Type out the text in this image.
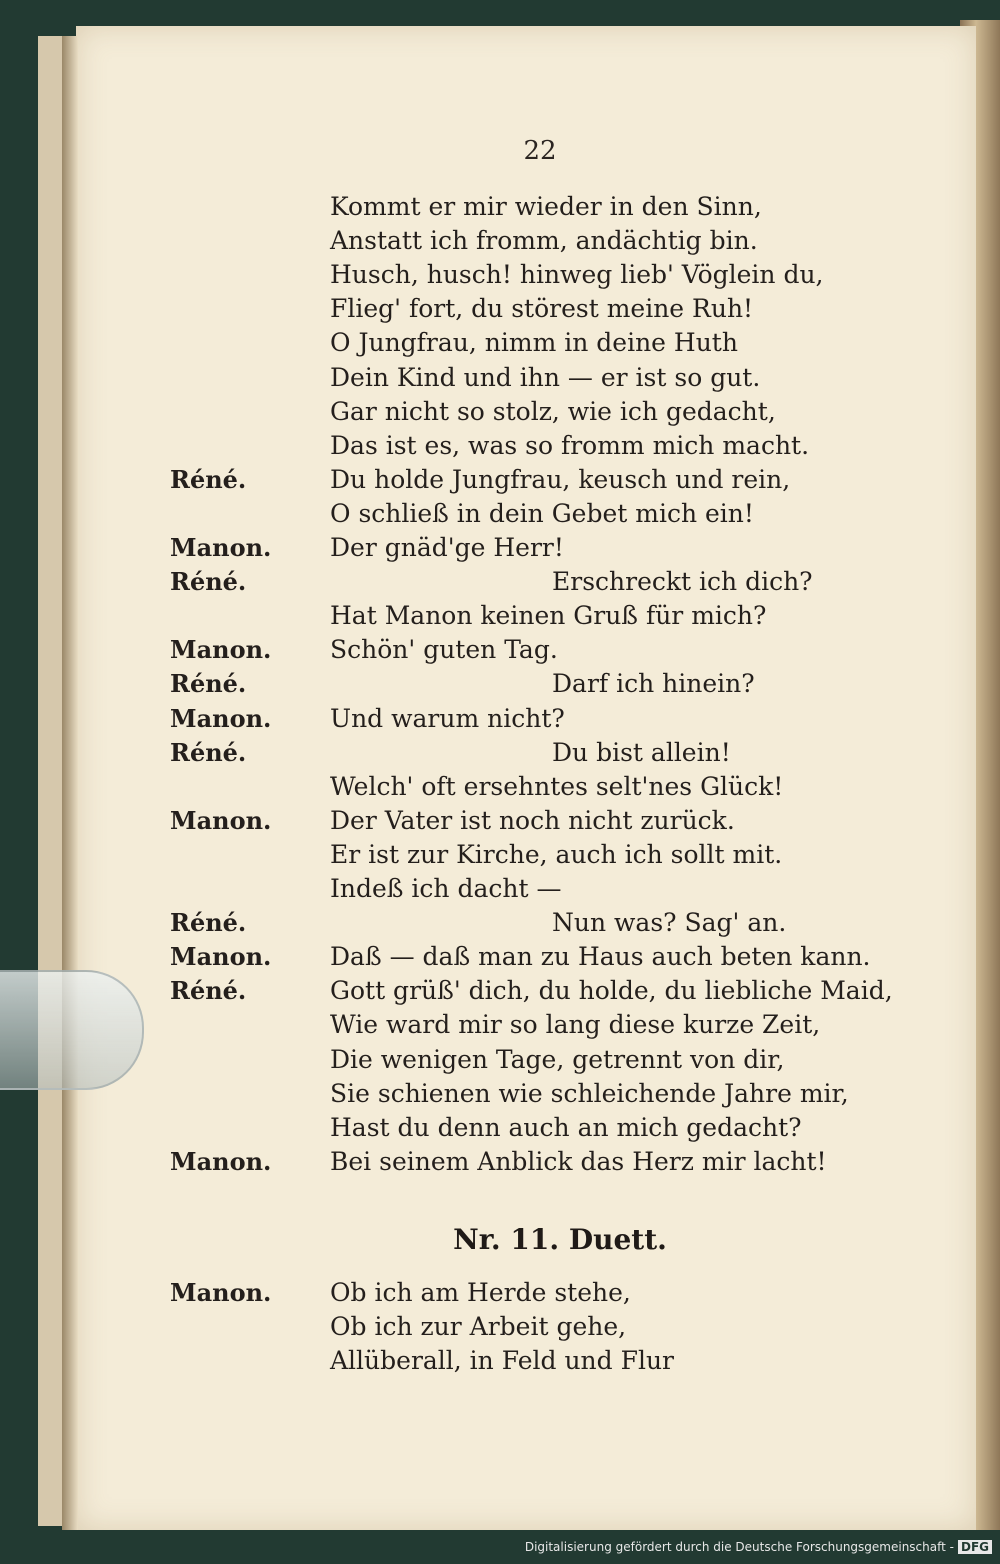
22
Kommt er mir wieder in den Sinn,
Anstatt ich fromm, andächtig bin.
Husch, husch! hinweg lieb' Vöglein du,
Flieg' fort, du störest meine Ruh!
O Jungfrau, nimm in deine Huth
Dein Kind und ihn — er ist so gut.
Gar nicht so stolz, wie ich gedacht,
Das ist es, was so fromm mich macht.
Réné.	Du holde Jungfrau, keusch und rein,
O schließ in dein Gebet mich ein!
Manon.	Der gnäd'ge Herr!
Réné.	Erschreckt ich dich?
Hat Manon keinen Gruß für mich?
Manon.	Schön' guten Tag.
Réné.	Darf ich hinein?
Manon.	Und warum nicht?
Réné.	Du bist allein!
Welch' oft ersehntes selt'nes Glück!
Manon.	Der Vater ist noch nicht zurück.
Er ist zur Kirche, auch ich sollt mit.
Indeß ich dacht —
Réné.	Nun was? Sag' an.
Manon.	Daß — daß man zu Haus auch beten kann.
Réné.	Gott grüß' dich, du holde, du liebliche Maid,
Wie ward mir so lang diese kurze Zeit,
Die wenigen Tage, getrennt von dir,
Sie schienen wie schleichende Jahre mir,
Hast du denn auch an mich gedacht?
Manon.	Bei seinem Anblick das Herz mir lacht!
Nr. 11. Duett.
Manon.	Ob ich am Herde stehe,
Ob ich zur Arbeit gehe,
Allüberall, in Feld und Flur
Digitalisierung gefördert durch die Deutsche Forschungsgemeinschaft - DFG
